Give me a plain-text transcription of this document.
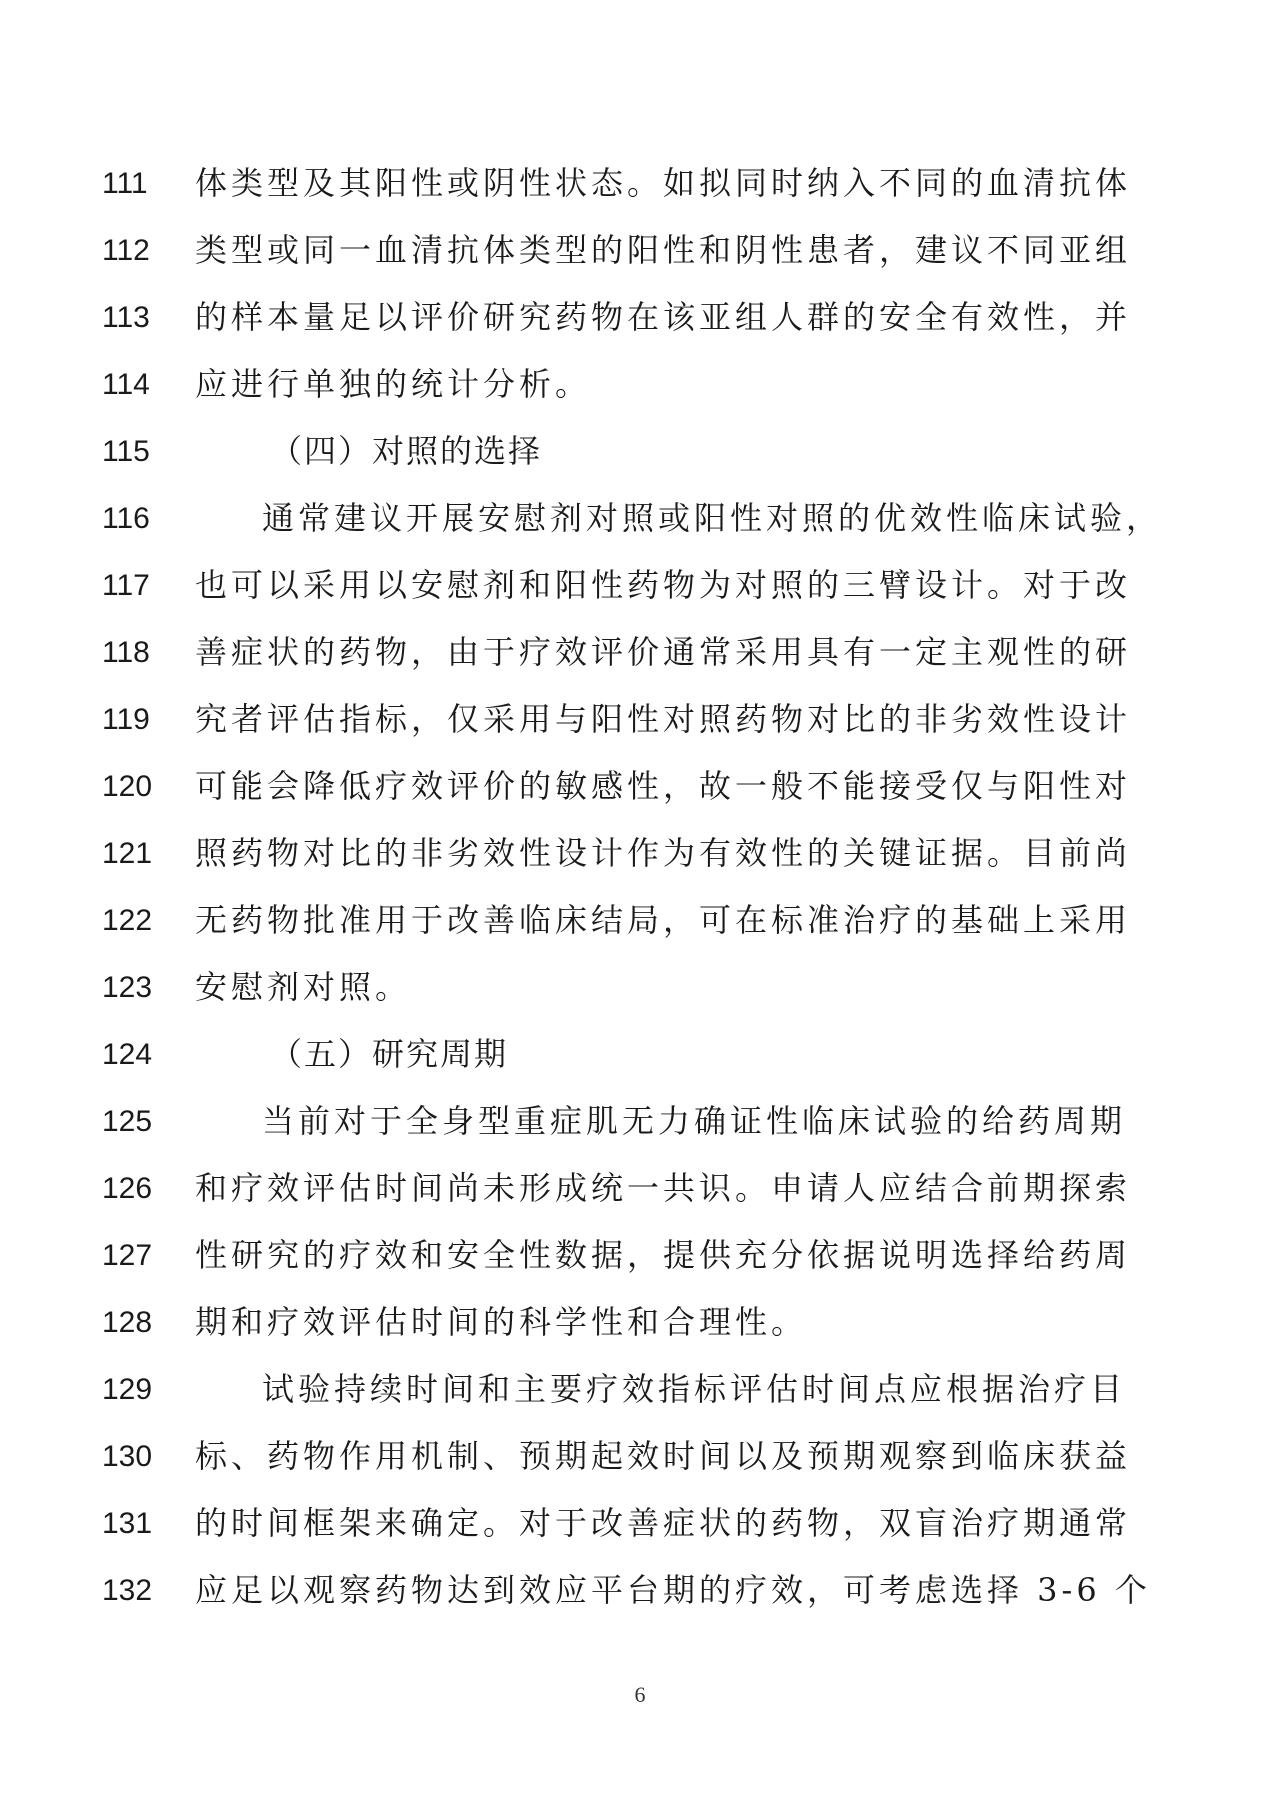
111 体类型及其阳性或阴性状态。如拟同时纳入不同的血清抗体
112 类型或同一血清抗体类型的阳性和阴性患者，建议不同亚组
113 的样本量足以评价研究药物在该亚组人群的安全有效性，并
114 应进行单独的统计分析。
115	（四）对照的选择
116	通常建议开展安慰剂对照或阳性对照的优效性临床试验，
117 也可以采用以安慰剂和阳性药物为对照的三臂设计。对于改
118 善症状的药物，由于疗效评价通常采用具有一定主观性的研
119 究者评估指标，仅采用与阳性对照药物对比的非劣效性设计
120 可能会降低疗效评价的敏感性，故一般不能接受仅与阳性对
121 照药物对比的非劣效性设计作为有效性的关键证据。目前尚
122 无药物批准用于改善临床结局，可在标准治疗的基础上采用
123 安慰剂对照。
124	（五）研究周期
125	当前对于全身型重症肌无力确证性临床试验的给药周期
126 和疗效评估时间尚未形成统一共识。申请人应结合前期探索
127 性研究的疗效和安全性数据，提供充分依据说明选择给药周
128 期和疗效评估时间的科学性和合理性。
129	试验持续时间和主要疗效指标评估时间点应根据治疗目
130 标、药物作用机制、预期起效时间以及预期观察到临床获益
131 的时间框架来确定。对于改善症状的药物，双盲治疗期通常
132 应足以观察药物达到效应平台期的疗效，可考虑选择 3-6 个
6
